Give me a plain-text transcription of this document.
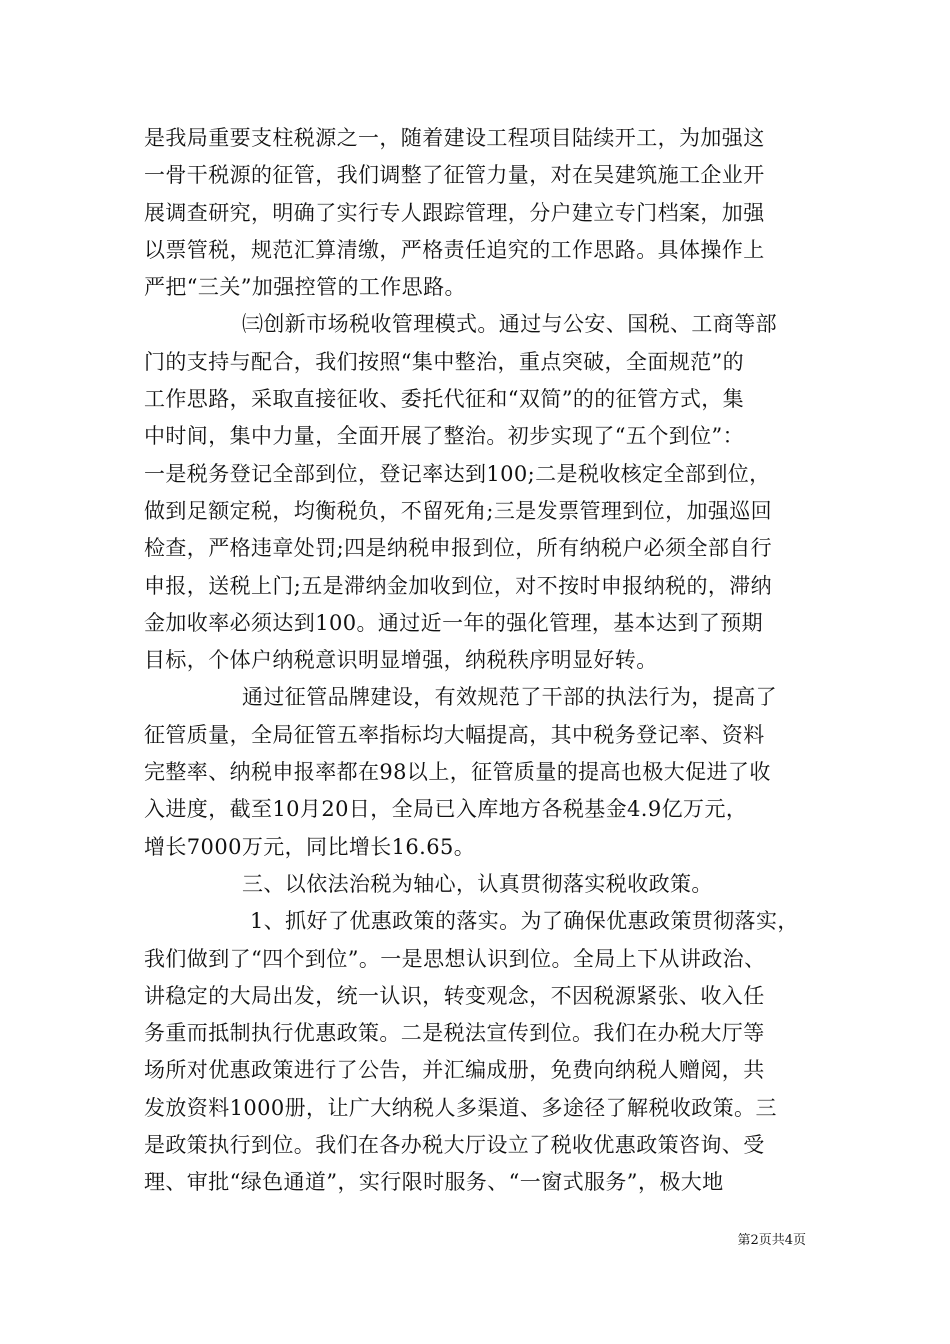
是我局重要支柱税源之一，随着建设工程项目陆续开工，为加强这
一骨干税源的征管，我们调整了征管力量，对在吴建筑施工企业开
展调查研究，明确了实行专人跟踪管理，分户建立专门档案，加强
以票管税，规范汇算清缴，严格责任追究的工作思路。具体操作上
严把“三关”加强控管的工作思路。
㈢创新市场税收管理模式。通过与公安、国税、工商等部
门的支持与配合，我们按照“集中整治，重点突破，全面规范”的
工作思路，采取直接征收、委托代征和“双简”的的征管方式，集
中时间，集中力量，全面开展了整治。初步实现了“五个到位”：
一是税务登记全部到位，登记率达到100;二是税收核定全部到位，
做到足额定税，均衡税负，不留死角;三是发票管理到位，加强巡回
检查，严格违章处罚;四是纳税申报到位，所有纳税户必须全部自行
申报，送税上门;五是滞纳金加收到位，对不按时申报纳税的，滞纳
金加收率必须达到100。通过近一年的强化管理，基本达到了预期
目标，个体户纳税意识明显增强，纳税秩序明显好转。
通过征管品牌建设，有效规范了干部的执法行为，提高了
征管质量，全局征管五率指标均大幅提高，其中税务登记率、资料
完整率、纳税申报率都在98以上，征管质量的提高也极大促进了收
入进度，截至10月20日，全局已入库地方各税基金4.9亿万元，
增长7000万元，同比增长16.65。
三、以依法治税为轴心，认真贯彻落实税收政策。
1、抓好了优惠政策的落实。为了确保优惠政策贯彻落实，
我们做到了“四个到位”。一是思想认识到位。全局上下从讲政治、
讲稳定的大局出发，统一认识，转变观念，不因税源紧张、收入任
务重而抵制执行优惠政策。二是税法宣传到位。我们在办税大厅等
场所对优惠政策进行了公告，并汇编成册，免费向纳税人赠阅，共
发放资料1000册，让广大纳税人多渠道、多途径了解税收政策。三
是政策执行到位。我们在各办税大厅设立了税收优惠政策咨询、受
理、审批“绿色通道”，实行限时服务、“一窗式服务”，极大地
第2页共4页
